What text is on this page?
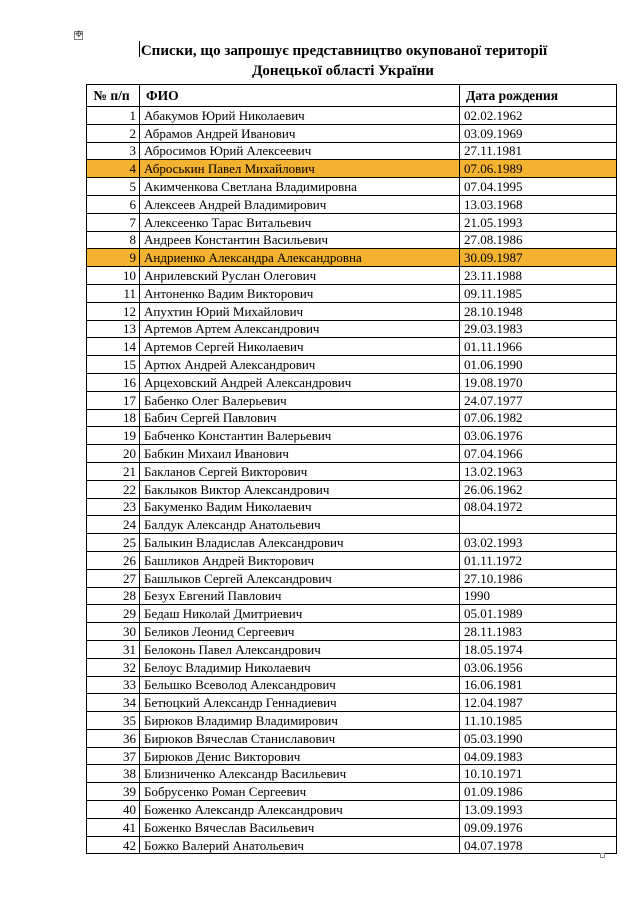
✥
Списки, що запрошує представництво окупованої території
Донецької області України
№ п/п	ФИО	Дата рождения
1	Абакумов Юрий Николаевич	02.02.1962
2	Абрамов Андрей Иванович	03.09.1969
3	Абросимов Юрий Алексеевич	27.11.1981
4	Аброськин Павел Михайлович	07.06.1989
5	Акимченкова Светлана Владимировна	07.04.1995
6	Алексеев Андрей Владимирович	13.03.1968
7	Алексеенко Тарас Витальевич	21.05.1993
8	Андреев Константин Васильевич	27.08.1986
9	Андриенко Александра Александровна	30.09.1987
10	Анрилевский Руслан Олегович	23.11.1988
11	Антоненко Вадим Викторович	09.11.1985
12	Апухтин Юрий Михайлович	28.10.1948
13	Артемов Артем Александрович	29.03.1983
14	Артемов Сергей Николаевич	01.11.1966
15	Артюх Андрей Александрович	01.06.1990
16	Арцеховский Андрей Александрович	19.08.1970
17	Бабенко Олег Валерьевич	24.07.1977
18	Бабич Сергей Павлович	07.06.1982
19	Бабченко Константин Валерьевич	03.06.1976
20	Бабкин Михаил Иванович	07.04.1966
21	Бакланов Сергей Викторович	13.02.1963
22	Баклыков Виктор Александрович	26.06.1962
23	Бакуменко Вадим Николаевич	08.04.1972
24	Балдук Александр Анатольевич	
25	Балыкин Владислав Александрович	03.02.1993
26	Башликов Андрей Викторович	01.11.1972
27	Башлыков Сергей Александрович	27.10.1986
28	Безух Евгений Павлович	1990
29	Бедаш Николай Дмитриевич	05.01.1989
30	Беликов Леонид Сергеевич	28.11.1983
31	Белоконь Павел Александрович	18.05.1974
32	Белоус Владимир Николаевич	03.06.1956
33	Бельшко Всеволод Александрович	16.06.1981
34	Бетюцкий Александр Геннадиевич	12.04.1987
35	Бирюков Владимир Владимирович	11.10.1985
36	Бирюков Вячеслав Станиславович	05.03.1990
37	Бирюков Денис Викторович	04.09.1983
38	Близниченко Александр Васильевич	10.10.1971
39	Бобрусенко Роман Сергеевич	01.09.1986
40	Боженко Александр Александрович	13.09.1993
41	Боженко Вячеслав Васильевич	09.09.1976
42	Божко Валерий Анатольевич	04.07.1978
